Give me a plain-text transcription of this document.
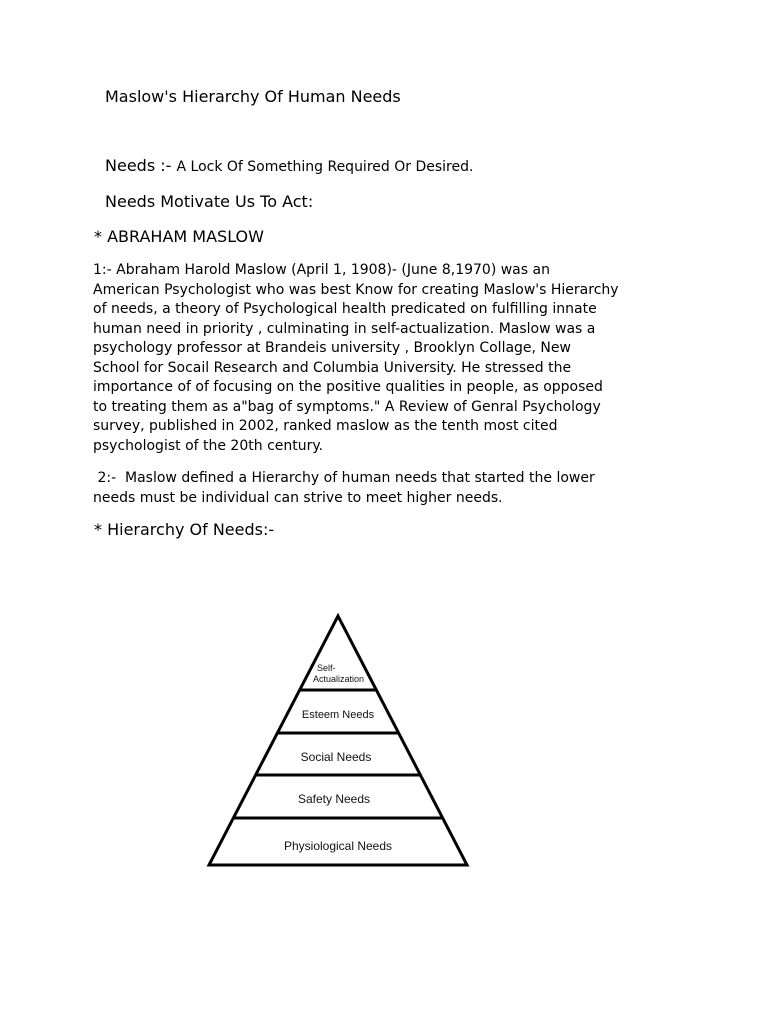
Maslow's Hierarchy Of Human Needs
Needs :- A Lock Of Something Required Or Desired.
Needs Motivate Us To Act:
* ABRAHAM MASLOW
1:- Abraham Harold Maslow (April 1, 1908)- (June 8,1970) was an
American Psychologist who was best Know for creating Maslow's Hierarchy
of needs, a theory of Psychological health predicated on fulfilling innate
human need in priority , culminating in self-actualization. Maslow was a
psychology professor at Brandeis university , Brooklyn Collage, New
School for Socail Research and Columbia University. He stressed the
importance of of focusing on the positive qualities in people, as opposed
to treating them as a"bag of symptoms." A Review of Genral Psychology
survey, published in 2002, ranked maslow as the tenth most cited
psychologist of the 20th century.
2:-  Maslow defined a Hierarchy of human needs that started the lower
needs must be individual can strive to meet higher needs.
* Hierarchy Of Needs:-
Self-
Actualization
Esteem Needs
Social Needs
Safety Needs
Physiological Needs
